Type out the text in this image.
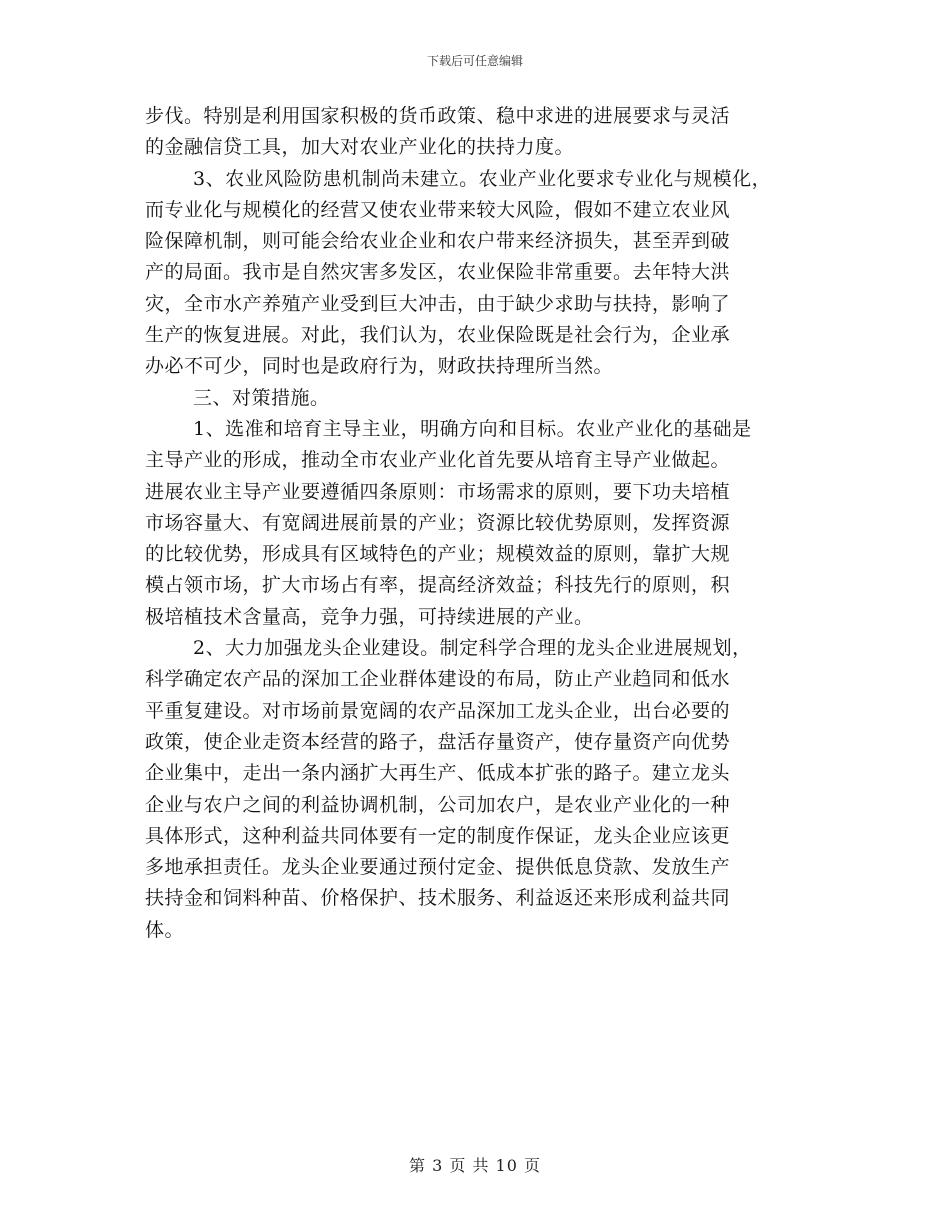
下载后可任意编辑
步伐。特别是利用国家积极的货币政策、稳中求进的进展要求与灵活
的金融信贷工具，加大对农业产业化的扶持力度。
3、农业风险防患机制尚未建立。农业产业化要求专业化与规模化，
而专业化与规模化的经营又使农业带来较大风险，假如不建立农业风
险保障机制，则可能会给农业企业和农户带来经济损失，甚至弄到破
产的局面。我市是自然灾害多发区，农业保险非常重要。去年特大洪
灾，全市水产养殖产业受到巨大冲击，由于缺少求助与扶持，影响了
生产的恢复进展。对此，我们认为，农业保险既是社会行为，企业承
办必不可少，同时也是政府行为，财政扶持理所当然。
三、对策措施。
1、选准和培育主导主业，明确方向和目标。农业产业化的基础是
主导产业的形成，推动全市农业产业化首先要从培育主导产业做起。
进展农业主导产业要遵循四条原则：市场需求的原则，要下功夫培植
市场容量大、有宽阔进展前景的产业；资源比较优势原则，发挥资源
的比较优势，形成具有区域特色的产业；规模效益的原则，靠扩大规
模占领市场，扩大市场占有率，提高经济效益；科技先行的原则，积
极培植技术含量高，竞争力强，可持续进展的产业。
2、大力加强龙头企业建设。制定科学合理的龙头企业进展规划，
科学确定农产品的深加工企业群体建设的布局，防止产业趋同和低水
平重复建设。对市场前景宽阔的农产品深加工龙头企业，出台必要的
政策，使企业走资本经营的路子，盘活存量资产，使存量资产向优势
企业集中，走出一条内涵扩大再生产、低成本扩张的路子。建立龙头
企业与农户之间的利益协调机制，公司加农户，是农业产业化的一种
具体形式，这种利益共同体要有一定的制度作保证，龙头企业应该更
多地承担责任。龙头企业要通过预付定金、提供低息贷款、发放生产
扶持金和饲料种苗、价格保护、技术服务、利益返还来形成利益共同
体。
第 3 页 共 10 页
